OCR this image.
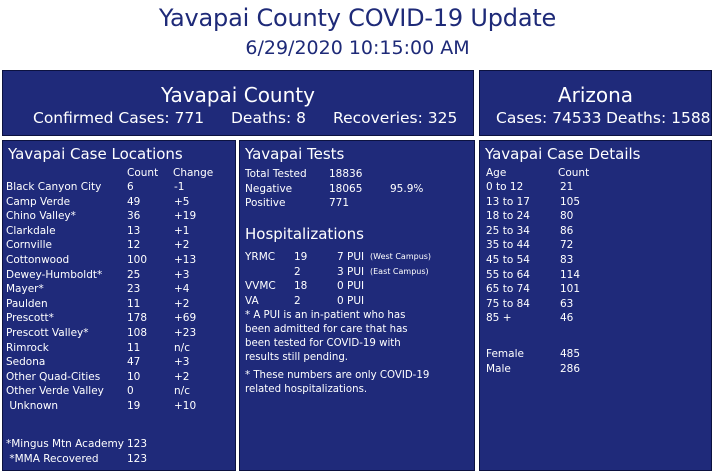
Yavapai County COVID-19 Update
6/29/2020 10:15:00 AM
Yavapai County
Confirmed Cases: 771 Deaths: 8 Recoveries: 325
Arizona
Cases: 74533 Deaths: 1588
Yavapai Case Locations
Count Change
Black Canyon City 6	-1
Camp Verde	49	+5
Chino Valley*	36	+19
Clarkdale	13	+1
Cornville	12	+2
Cottonwood	100	+13
Dewey-Humboldt* 25	+3
Mayer*	23	+4
Paulden	11	+2
Prescott*	178	+69
Prescott Valley*	108	+23
Rimrock	11	n/c
Sedona	47	+3
Other Quad-Cities	10	+2
Other Verde Valley 0	n/c
Unknown	19	+10
*Mingus Mtn Academy 123
*MMA Recovered	123
Yavapai Tests
Total Tested 18836
Negative	18065	95.9%
Positive	771
Hospitalizations
YRMC 19	7 PUI (West Campus)
2	3 PUI (East Campus)
VVMC 18	0 PUI
VA	2	0 PUI
* A PUI is an in-patient who has
been admitted for care that has
been tested for COVID-19 with
results still pending.
* These numbers are only COVID-19
related hospitalizations.
Yavapai Case Details
Age	Count
0 to 12	21
13 to 17	105
18 to 24	80
25 to 34	86
35 to 44	72
45 to 54	83
55 to 64	114
65 to 74	101
75 to 84	63
85 +	46
Female	485
Male	286
